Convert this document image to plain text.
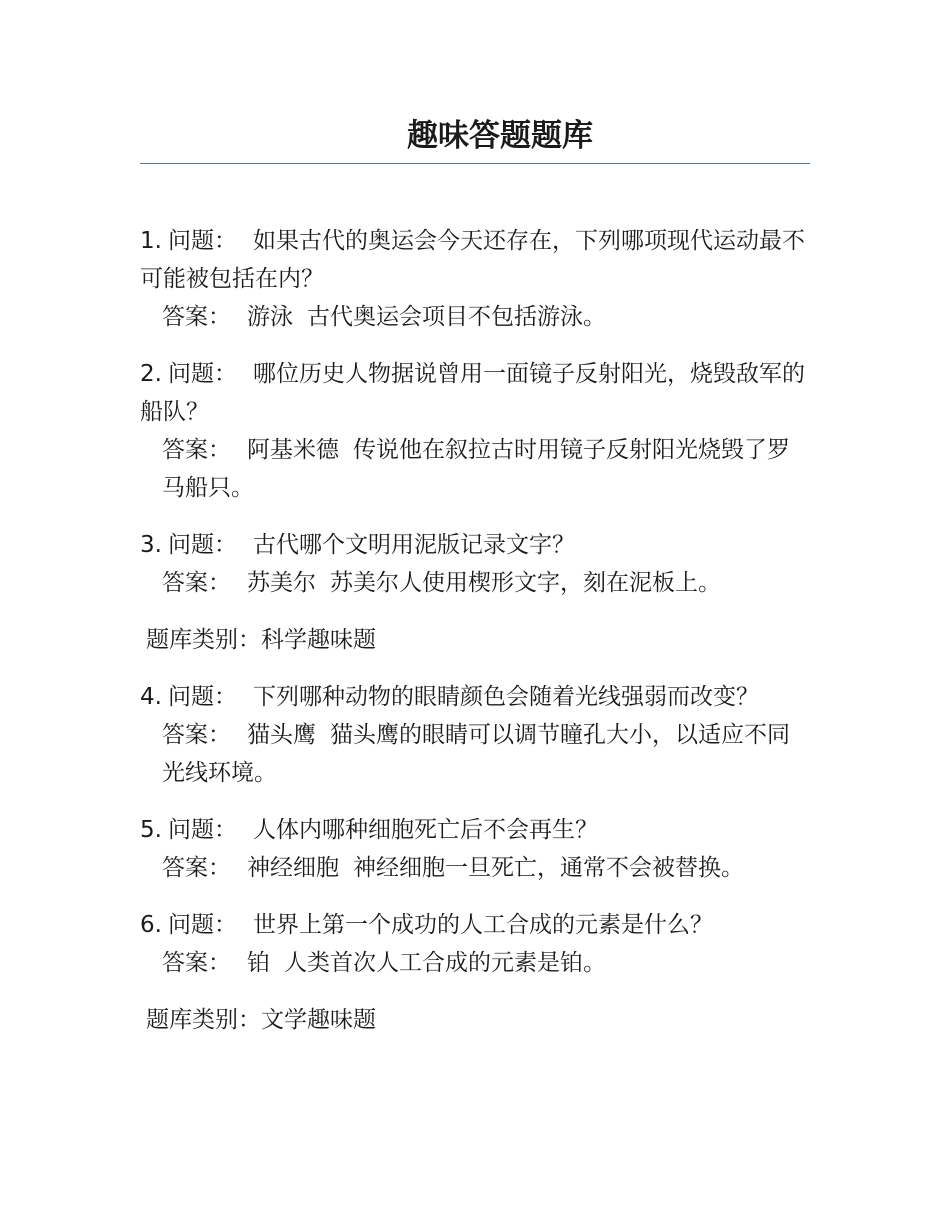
趣味答题题库

1. 问题： 如果古代的奥运会今天还存在，下列哪项现代运动最不可能被包括在内？

答案： 游泳 古代奥运会项目不包括游泳。

2. 问题： 哪位历史人物据说曾用一面镜子反射阳光，烧毁敌军的船队？

答案： 阿基米德 传说他在叙拉古时用镜子反射阳光烧毁了罗马船只。

3. 问题： 古代哪个文明用泥版记录文字？

答案： 苏美尔 苏美尔人使用楔形文字，刻在泥板上。

题库类别：科学趣味题

4. 问题： 下列哪种动物的眼睛颜色会随着光线强弱而改变？

答案： 猫头鹰 猫头鹰的眼睛可以调节瞳孔大小，以适应不同光线环境。

5. 问题： 人体内哪种细胞死亡后不会再生？

答案： 神经细胞 神经细胞一旦死亡，通常不会被替换。

6. 问题： 世界上第一个成功的人工合成的元素是什么？

答案： 铂 人类首次人工合成的元素是铂。

题库类别：文学趣味题
